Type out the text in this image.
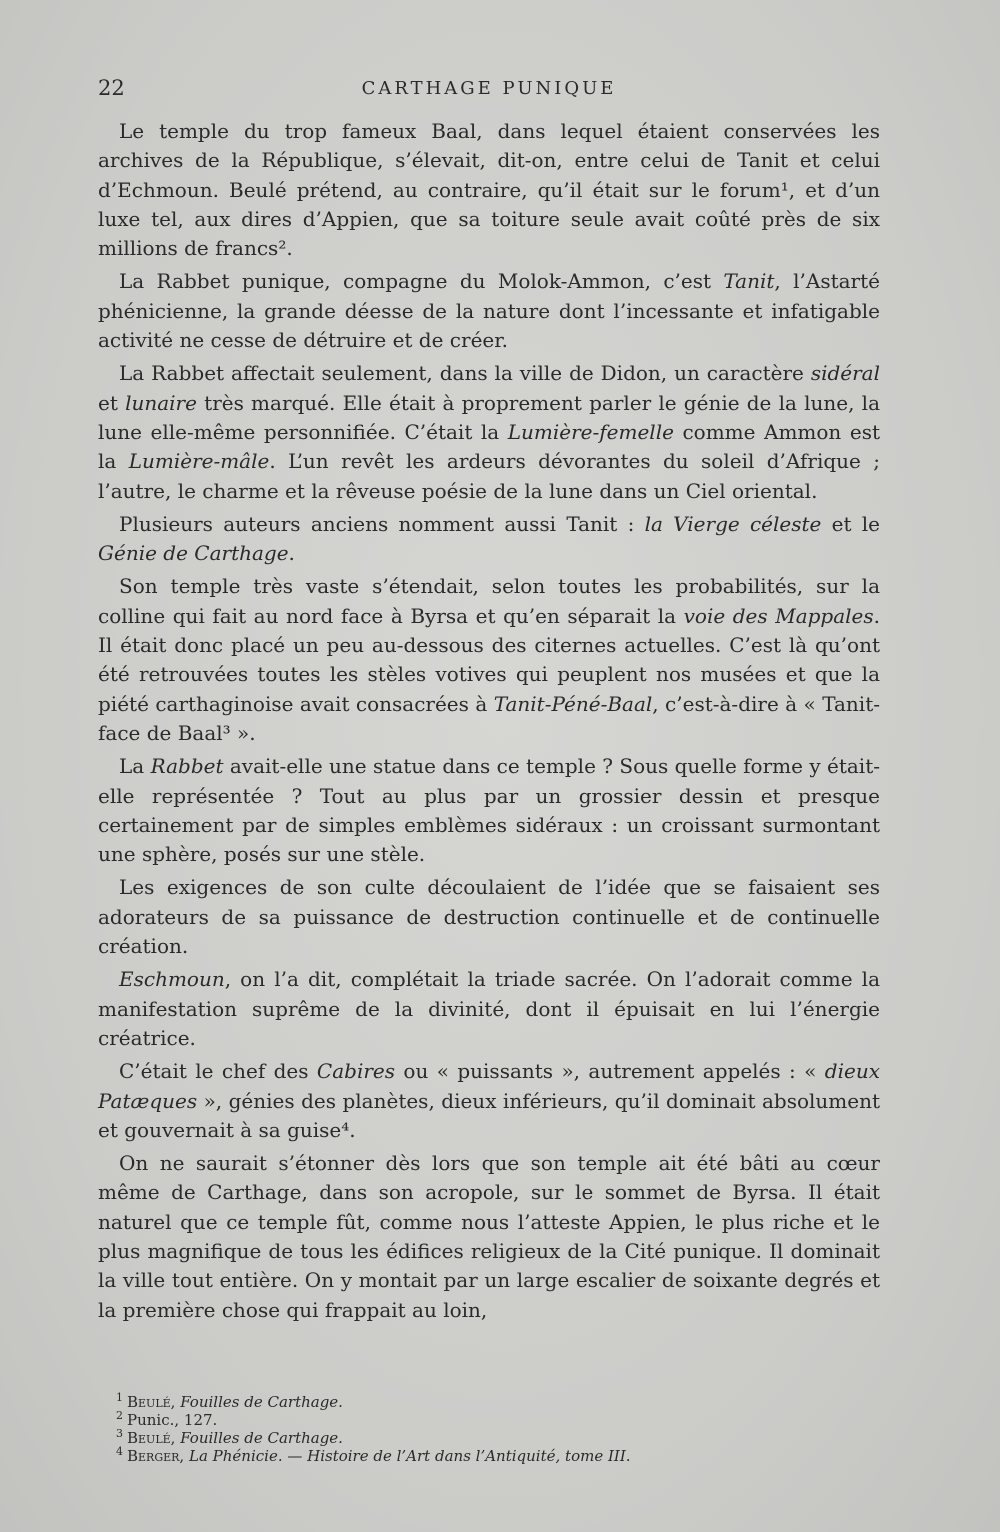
22	CARTHAGE PUNIQUE

Le temple du trop fameux Baal, dans lequel étaient conservées les archives de la République, s’élevait, dit-on, entre celui de Tanit et celui d’Echmoun. Beulé prétend, au contraire, qu’il était sur le forum¹, et d’un luxe tel, aux dires d’Appien, que sa toiture seule avait coûté près de six millions de francs².

La Rabbet punique, compagne du Molok-Ammon, c’est Tanit, l’Astarté phénicienne, la grande déesse de la nature dont l’incessante et infatigable activité ne cesse de détruire et de créer.

La Rabbet affectait seulement, dans la ville de Didon, un caractère sidéral et lunaire très marqué. Elle était à proprement parler le génie de la lune, la lune elle-même personnifiée. C’était la Lumière-femelle comme Ammon est la Lumière-mâle. L’un revêt les ardeurs dévorantes du soleil d’Afrique ; l’autre, le charme et la rêveuse poésie de la lune dans un Ciel oriental.

Plusieurs auteurs anciens nomment aussi Tanit : la Vierge céleste et le Génie de Carthage.

Son temple très vaste s’étendait, selon toutes les probabilités, sur la colline qui fait au nord face à Byrsa et qu’en séparait la voie des Mappales. Il était donc placé un peu au-dessous des citernes actuelles. C’est là qu’ont été retrouvées toutes les stèles votives qui peuplent nos musées et que la piété carthaginoise avait consacrées à Tanit-Péné-Baal, c’est-à-dire à « Tanit-face de Baal³ ».

La Rabbet avait-elle une statue dans ce temple ? Sous quelle forme y était-elle représentée ? Tout au plus par un grossier dessin et presque certainement par de simples emblèmes sidéraux : un croissant surmontant une sphère, posés sur une stèle.

Les exigences de son culte découlaient de l’idée que se faisaient ses adorateurs de sa puissance de destruction continuelle et de continuelle création.

Eschmoun, on l’a dit, complétait la triade sacrée. On l’adorait comme la manifestation suprême de la divinité, dont il épuisait en lui l’énergie créatrice.

C’était le chef des Cabires ou « puissants », autrement appelés : « dieux Patæques », génies des planètes, dieux inférieurs, qu’il dominait absolument et gouvernait à sa guise⁴.

On ne saurait s’étonner dès lors que son temple ait été bâti au cœur même de Carthage, dans son acropole, sur le sommet de Byrsa. Il était naturel que ce temple fût, comme nous l’atteste Appien, le plus riche et le plus magnifique de tous les édifices religieux de la Cité punique. Il dominait la ville tout entière. On y montait par un large escalier de soixante degrés et la première chose qui frappait au loin,

$^1$ Beulé, Fouilles de Carthage.

$^2$ Punic., 127.

$^3$ Beulé, Fouilles de Carthage.

$^4$ Berger, La Phénicie. — Histoire de l’Art dans l’Antiquité, tome III.
